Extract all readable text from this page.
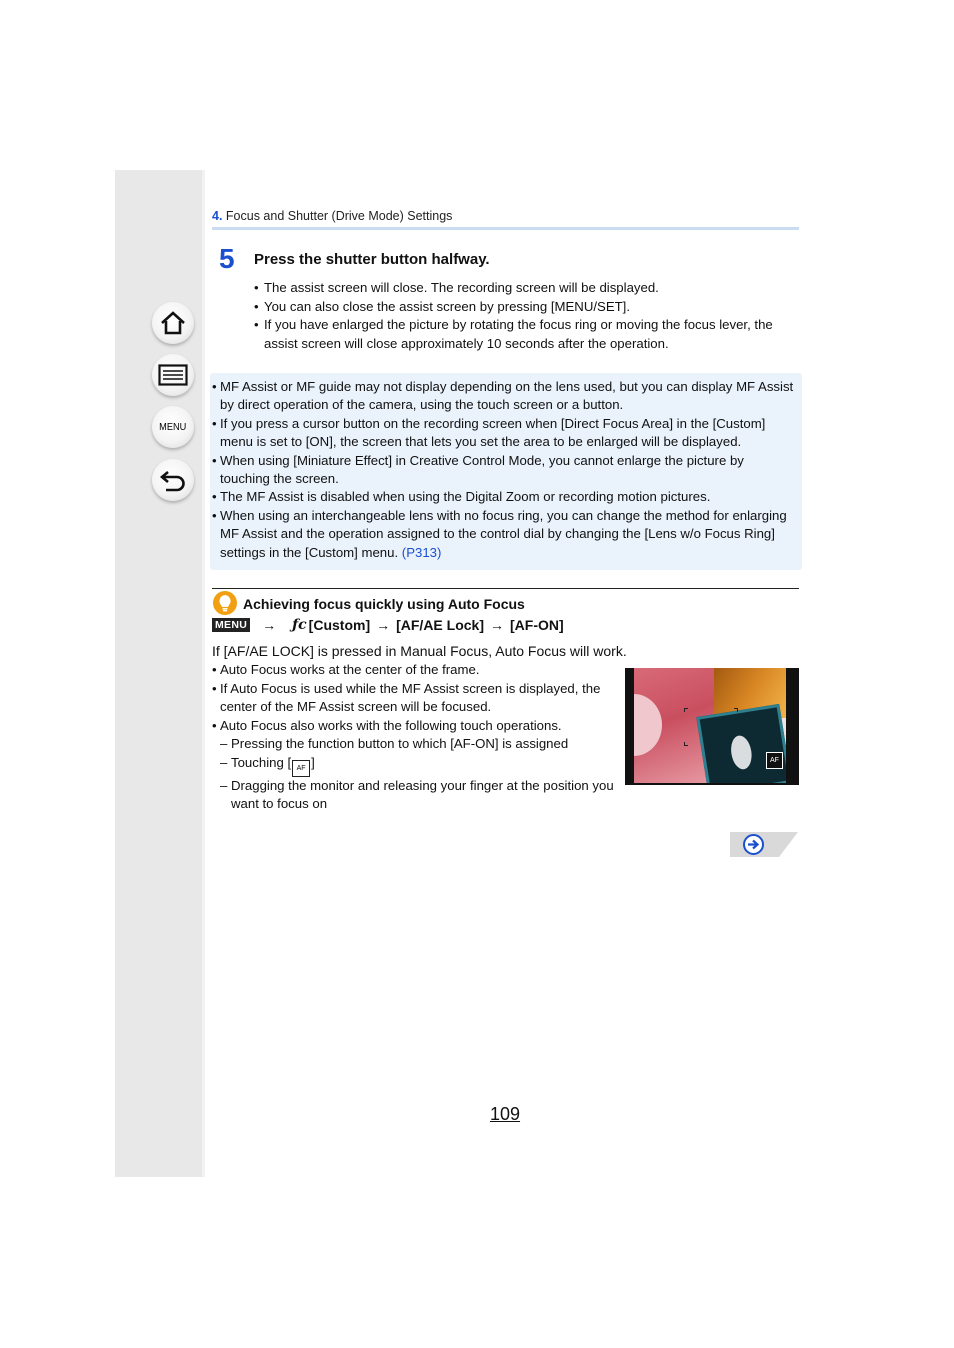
MENU
4. Focus and Shutter (Drive Mode) Settings
5 Press the shutter button halfway.
• The assist screen will close. The recording screen will be displayed.
• You can also close the assist screen by pressing [MENU/SET].
• If you have enlarged the picture by rotating the focus ring or moving the focus lever, the assist screen will close approximately 10 seconds after the operation.
• MF Assist or MF guide may not display depending on the lens used, but you can display MF Assist by direct operation of the camera, using the touch screen or a button.
• If you press a cursor button on the recording screen when [Direct Focus Area] in the [Custom] menu is set to [ON], the screen that lets you set the area to be enlarged will be displayed.
• When using [Miniature Effect] in Creative Control Mode, you cannot enlarge the picture by touching the screen.
• The MF Assist is disabled when using the Digital Zoom or recording motion pictures.
• When using an interchangeable lens with no focus ring, you can change the method for enlarging MF Assist and the operation assigned to the control dial by changing the [Lens w/o Focus Ring] settings in the [Custom] menu. (P313)
Achieving focus quickly using Auto Focus
MENU → ƒc [Custom] → [AF/AE Lock] → [AF-ON]
If [AF/AE LOCK] is pressed in Manual Focus, Auto Focus will work.
• Auto Focus works at the center of the frame.
• If Auto Focus is used while the MF Assist screen is displayed, the center of the MF Assist screen will be focused.
• Auto Focus also works with the following touch operations.
– Pressing the function button to which [AF-ON] is assigned
– Touching [ AF ]
– Dragging the monitor and releasing your finger at the position you want to focus on
AF
109
